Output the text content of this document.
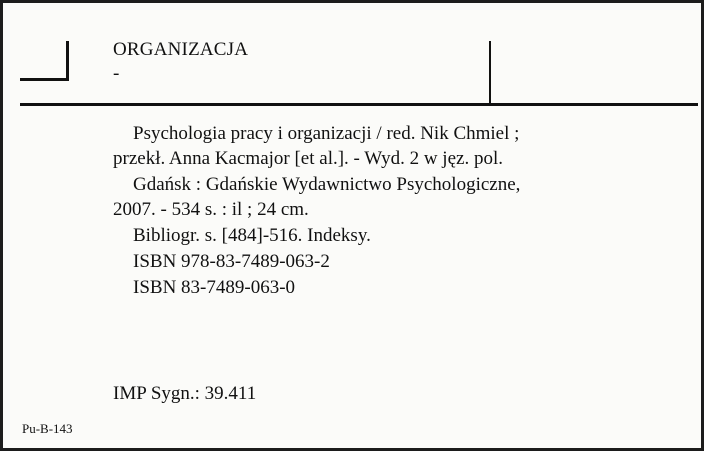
ORGANIZACJA
-
Psychologia pracy i organizacji / red. Nik Chmiel ;
przekł. Anna Kacmajor [et al.]. - Wyd. 2 w jęz. pol.
Gdańsk : Gdańskie Wydawnictwo Psychologiczne,
2007. - 534 s. : il ; 24 cm.
Bibliogr. s. [484]-516. Indeksy.
ISBN 978-83-7489-063-2
ISBN 83-7489-063-0
IMP Sygn.: 39.411
Pu-B-143
